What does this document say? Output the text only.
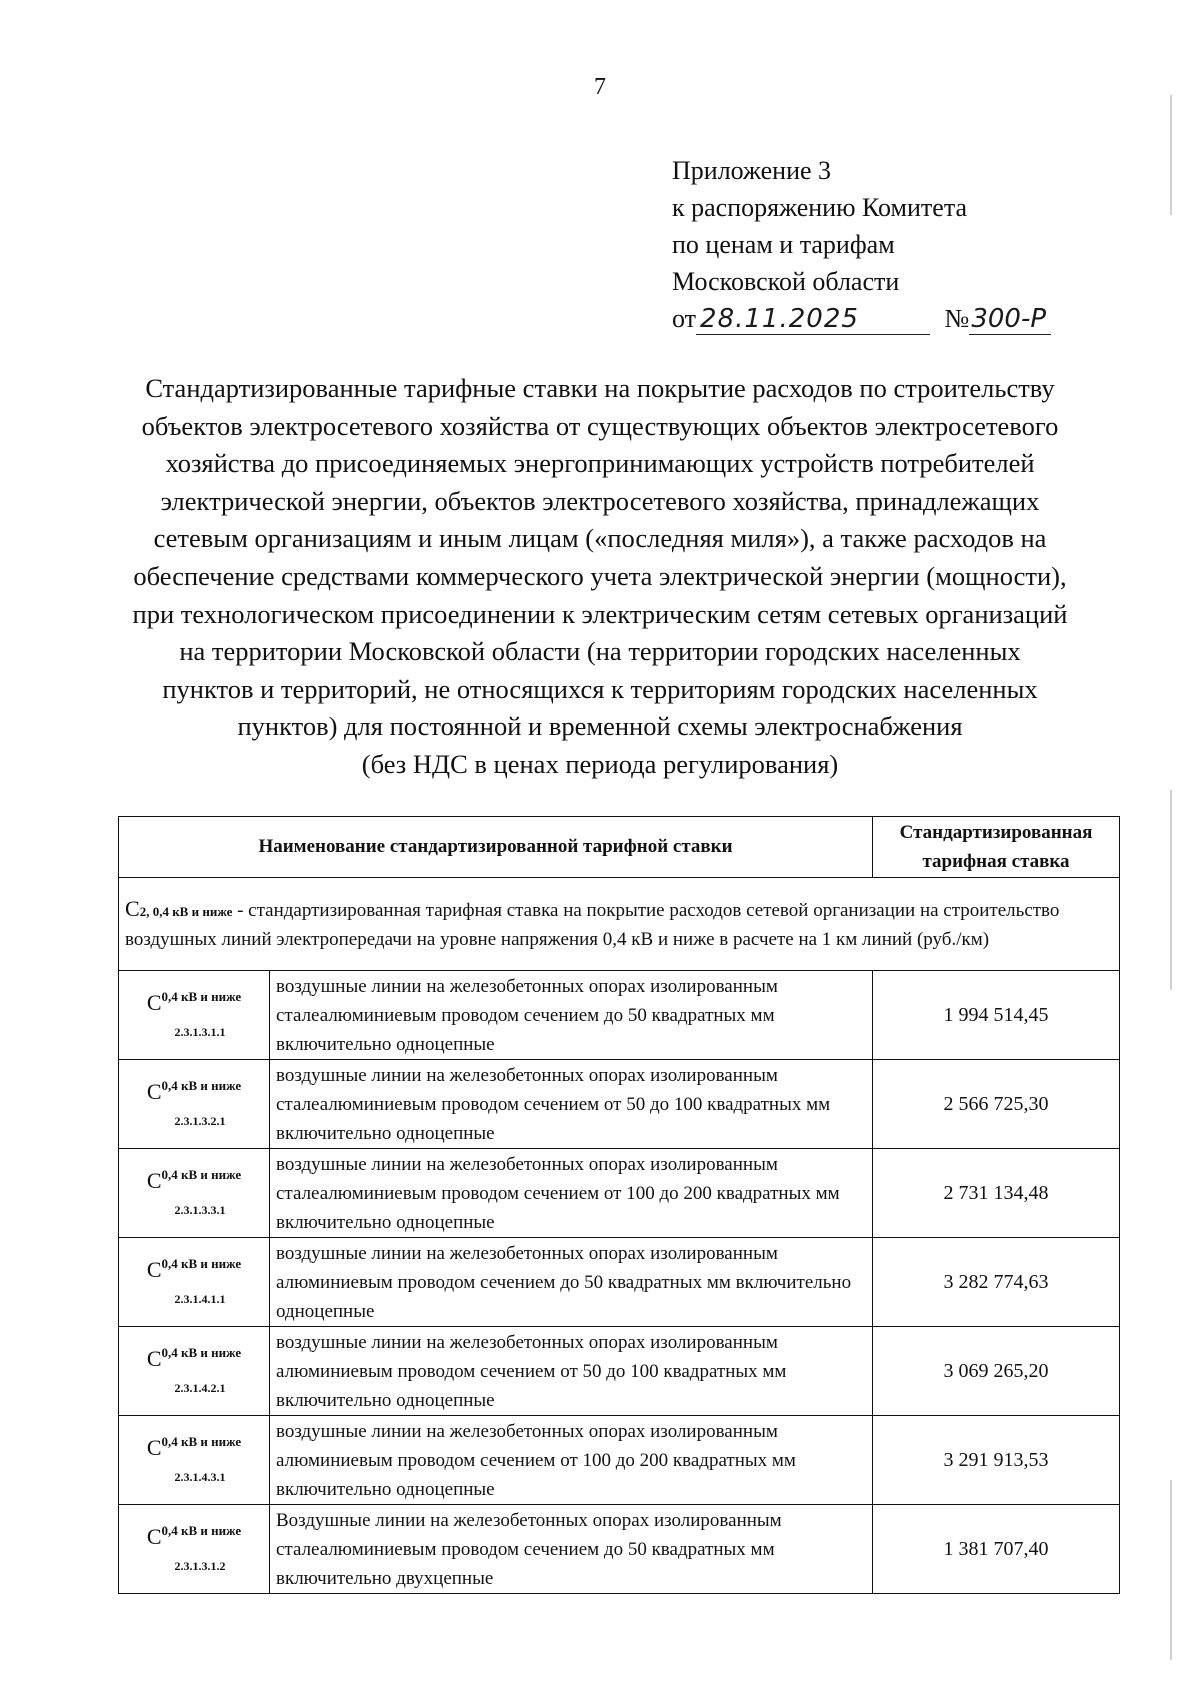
7
Приложение 3
к распоряжению Комитета
по ценам и тарифам
Московской области
от 28.11.2025	№300-Р
Стандартизированные тарифные ставки на покрытие расходов по строительству
объектов электросетевого хозяйства от существующих объектов электросетевого
хозяйства до присоединяемых энергопринимающих устройств потребителей
электрической энергии, объектов электросетевого хозяйства, принадлежащих
сетевым организациям и иным лицам («последняя миля»), а также расходов на
обеспечение средствами коммерческого учета электрической энергии (мощности),
при технологическом присоединении к электрическим сетям сетевых организаций
на территории Московской области (на территории городских населенных
пунктов и территорий, не относящихся к территориям городских населенных
пунктов) для постоянной и временной схемы электроснабжения
(без НДС в ценах периода регулирования)
Наименование стандартизированной тарифной ставки		Стандартизированная тарифная ставка
С2, 0,4 кВ и ниже - стандартизированная тарифная ставка на покрытие расходов сетевой организации на строительство воздушных линий электропередачи на уровне напряжения 0,4 кВ и ниже в расчете на 1 км линий (руб./км)		
$С^{0,4 кВ и ниже}$
$_{2.3.1.3.1.1}$	воздушные линии на железобетонных опорах изолированным сталеалюминиевым проводом сечением до 50 квадратных мм включительно одноцепные	1 994 514,45
$С^{0,4 кВ и ниже}$
$_{2.3.1.3.2.1}$	воздушные линии на железобетонных опорах изолированным сталеалюминиевым проводом сечением от 50 до 100 квадратных мм включительно одноцепные	2 566 725,30
$С^{0,4 кВ и ниже}$
$_{2.3.1.3.3.1}$	воздушные линии на железобетонных опорах изолированным сталеалюминиевым проводом сечением от 100 до 200 квадратных мм включительно одноцепные	2 731 134,48
$С^{0,4 кВ и ниже}$
$_{2.3.1.4.1.1}$	воздушные линии на железобетонных опорах изолированным алюминиевым проводом сечением до 50 квадратных мм включительно одноцепные	3 282 774,63
$С^{0,4 кВ и ниже}$
$_{2.3.1.4.2.1}$	воздушные линии на железобетонных опорах изолированным алюминиевым проводом сечением от 50 до 100 квадратных мм включительно одноцепные	3 069 265,20
$С^{0,4 кВ и ниже}$
$_{2.3.1.4.3.1}$	воздушные линии на железобетонных опорах изолированным алюминиевым проводом сечением от 100 до 200 квадратных мм включительно одноцепные	3 291 913,53
$С^{0,4 кВ и ниже}$
$_{2.3.1.3.1.2}$	Воздушные линии на железобетонных опорах изолированным сталеалюминиевым проводом сечением до 50 квадратных мм включительно двухцепные	1 381 707,40
